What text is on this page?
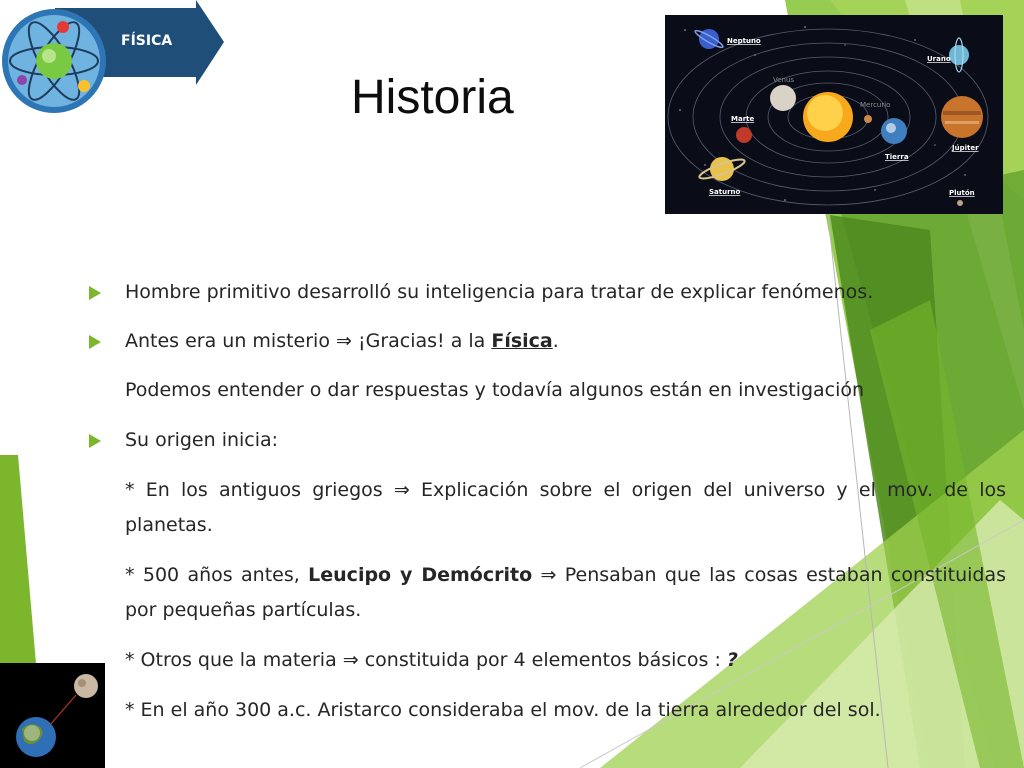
FÍSICA
Historia
Neptuno
Urano
Venus
Mercurio
Marte
Tierra
Júpiter
Saturno	Plutón

Hombre primitivo desarrolló su inteligencia para tratar de explicar fenómenos.

Antes era un misterio ⇒ ¡Gracias! a la Física.

Podemos entender o dar respuestas y todavía algunos están en investigación

Su origen inicia:

* En los antiguos griegos ⇒ Explicación sobre el origen del universo y el mov. de los planetas.

* 500 años antes, Leucipo y Demócrito ⇒ Pensaban que las cosas estaban constituidas por pequeñas partículas.

* Otros que la materia ⇒ constituida por 4 elementos básicos : ?

* En el año 300 a.c. Aristarco consideraba el mov. de la tierra alrededor del sol.
